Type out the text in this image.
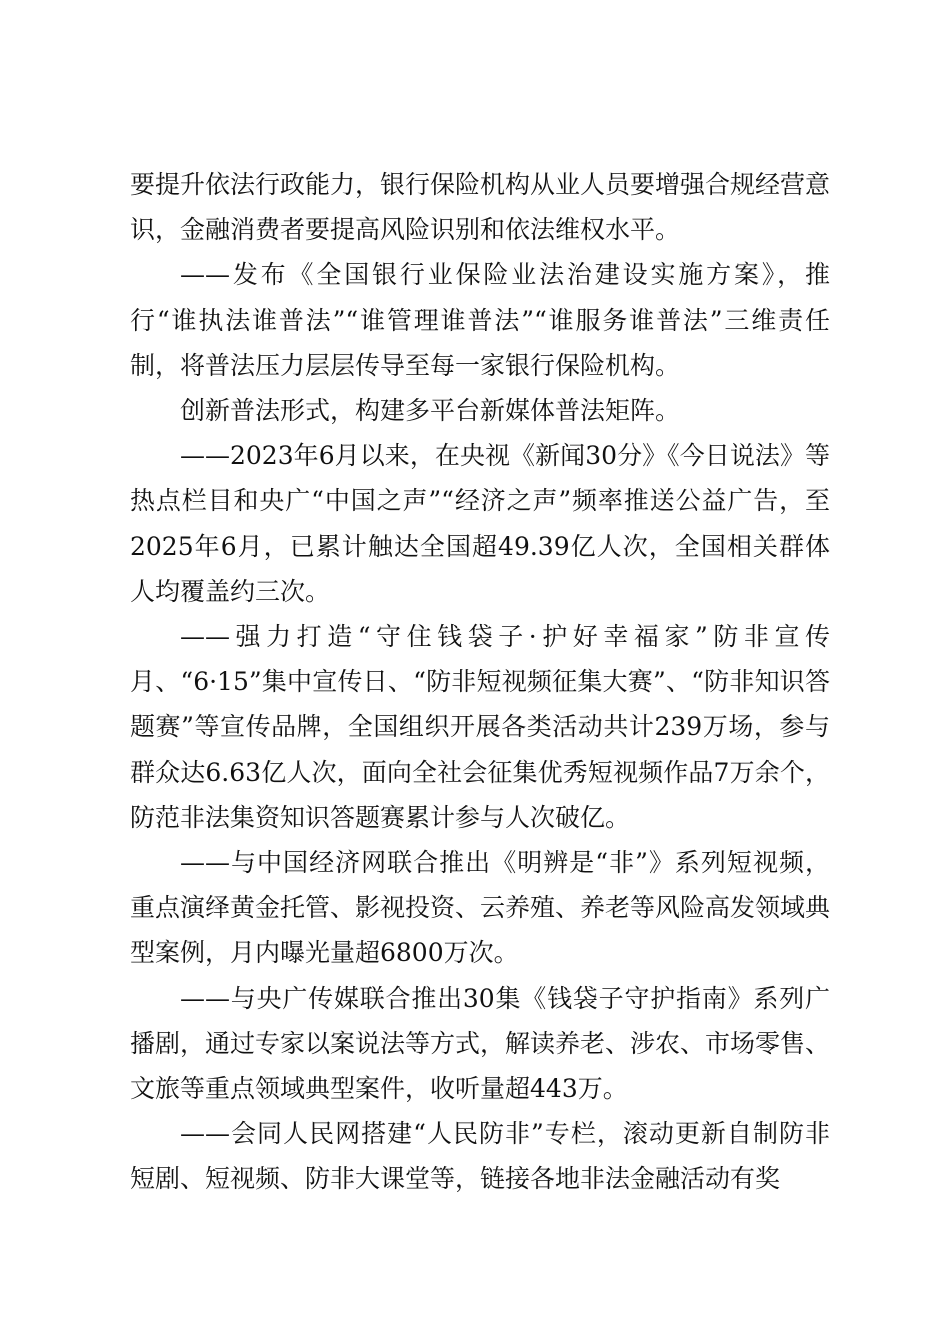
要提升依法行政能力，银行保险机构从业人员要增强合规经营意识，金融消费者要提高风险识别和依法维权水平。

——发布《全国银行业保险业法治建设实施方案》，推行“谁执法谁普法”“谁管理谁普法”“谁服务谁普法”三维责任制，将普法压力层层传导至每一家银行保险机构。

创新普法形式，构建多平台新媒体普法矩阵。

——2023年6月以来，在央视《新闻30分》《今日说法》等热点栏目和央广“中国之声”“经济之声”频率推送公益广告，至2025年6月，已累计触达全国超49.39亿人次，全国相关群体人均覆盖约三次。

——强力打造“守住钱袋子·护好幸福家”防非宣传月、“6·15”集中宣传日、“防非短视频征集大赛”、“防非知识答题赛”等宣传品牌，全国组织开展各类活动共计239万场，参与群众达6.63亿人次，面向全社会征集优秀短视频作品7万余个，防范非法集资知识答题赛累计参与人次破亿。

——与中国经济网联合推出《明辨是“非”》系列短视频，重点演绎黄金托管、影视投资、云养殖、养老等风险高发领域典型案例，月内曝光量超6800万次。

——与央广传媒联合推出30集《钱袋子守护指南》系列广播剧，通过专家以案说法等方式，解读养老、涉农、市场零售、文旅等重点领域典型案件，收听量超443万。

——会同人民网搭建“人民防非”专栏，滚动更新自制防非短剧、短视频、防非大课堂等，链接各地非法金融活动有奖
